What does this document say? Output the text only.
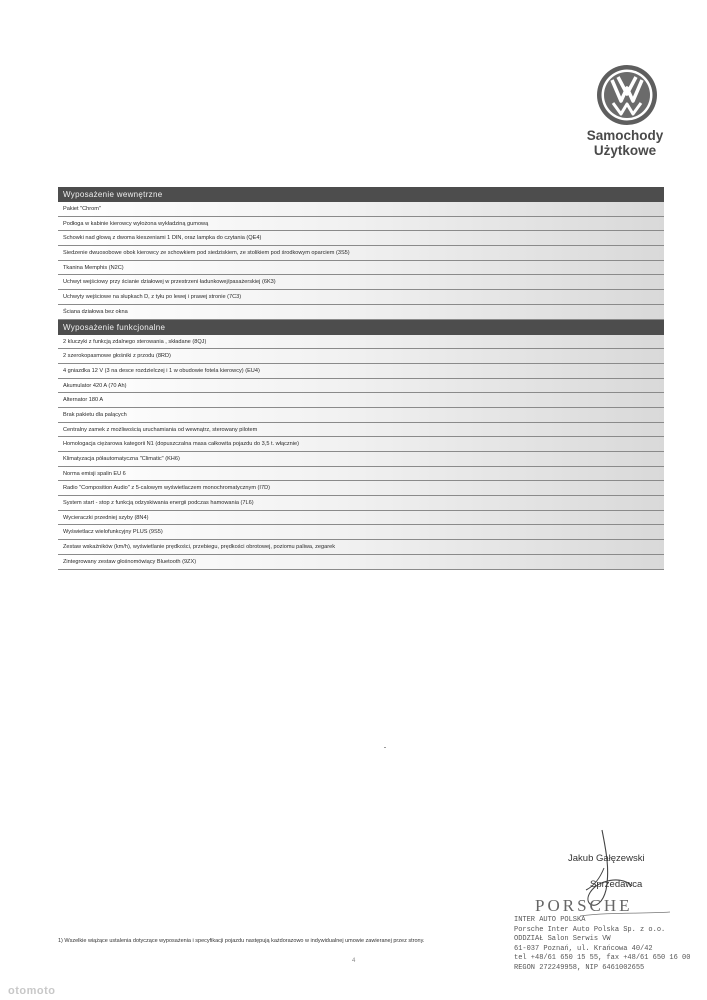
Samochody
Użytkowe
Wyposażenie wewnętrzne
Pakiet "Chrom"
Podłoga w kabinie kierowcy wyłożona wykładziną gumową
Schowki nad głową z dwoma kieszeniami 1 DIN, oraz lampka do czytania (QE4)
Siedzenie dwuosobowe obok kierowcy ze schowkiem pod siedziskiem, ze stolikiem pod środkowym oparciem (3S5)
Tkanina Memphis (N2C)
Uchwyt wejściowy przy ścianie działowej w przestrzeni ładunkowej/pasażerskiej (6K3)
Uchwyty wejściowe na słupkach D, z tyłu po lewej i prawej stronie (7C3)
Ściana działowa bez okna
Wyposażenie funkcjonalne
2 kluczyki z funkcją zdalnego sterowania , składane (8QJ)
2 szerokopasmowe głośniki z przodu (8RD)
4 gniazdka 12 V (3 na desce rozdzielczej i 1 w obudowie fotela kierowcy) (EU4)
Akumulator 420 A (70 Ah)
Alternator 180 A
Brak pakietu dla palących
Centralny zamek z możliwością uruchamiania od wewnątrz, sterowany pilotem
Homologacja ciężarowa kategorii N1 (dopuszczalna masa całkowita pojazdu do 3,5 t. włącznie)
Klimatyzacja półautomatyczna "Climatic" (KH6)
Norma emisji spalin EU 6
Radio "Composition Audio" z 5-calowym wyświetlaczem monochromatycznym (I7D)
System start - stop z funkcją odzyskiwania energii podczas hamowania (7L6)
Wycieraczki przedniej szyby (8N4)
Wyświetlacz wielofunkcyjny PLUS (9S5)
Zestaw wskaźników (km/h), wyświetlanie prędkości, przebiegu, prędkości obrotowej, poziomu paliwa, zegarek
Zintegrowany zestaw głośnomówiący Bluetooth (9ZX)
Jakub Gałęzewski
Sprzedawca
PORSCHE
INTER AUTO POLSKA
Porsche Inter Auto Polska Sp. z o.o.
ODDZIAŁ Salon Serwis VW
61-037 Poznań, ul. Krańcowa 40/42
tel +48/61 650 15 55, fax +48/61 650 16 00
REGON 272249958, NIP 6461002655
1) Wszelkie wiążące ustalenia dotyczące wyposażenia i specyfikacji pojazdu następują każdorazowo w indywidualnej umowie zawieranej przez strony.
4
otomoto
